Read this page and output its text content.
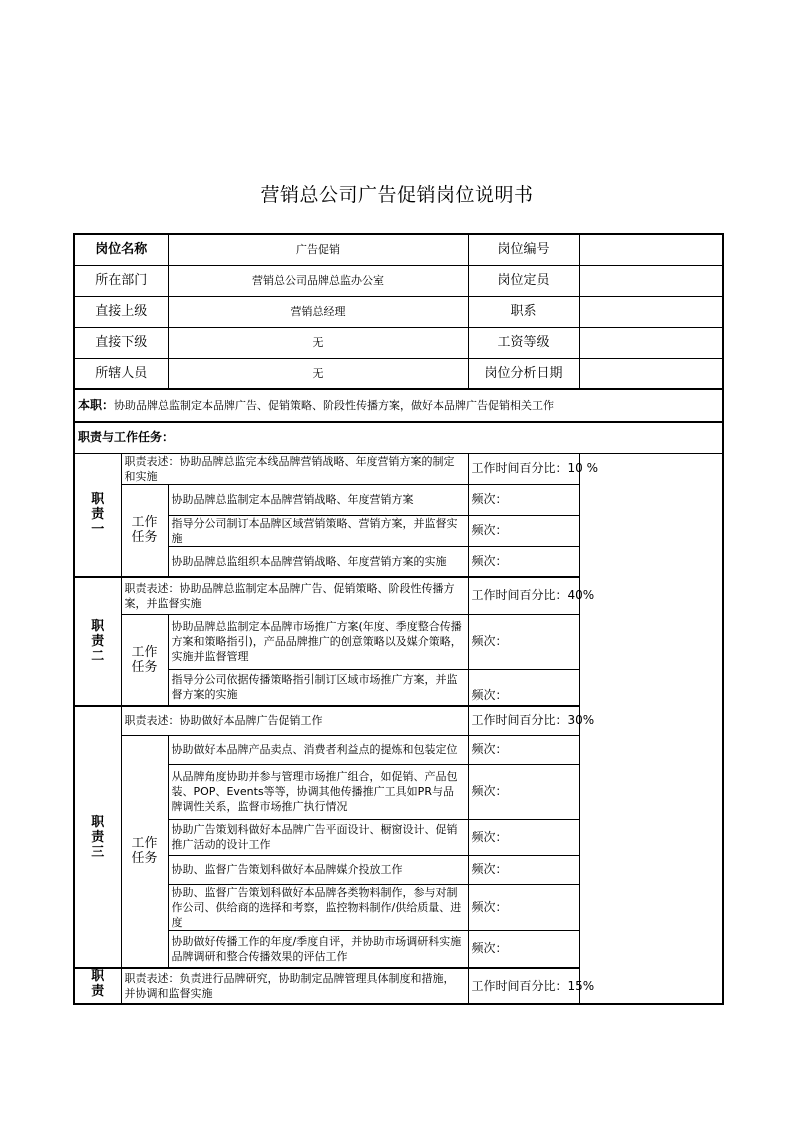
营销总公司广告促销岗位说明书
岗位名称		广告促销	岗位编号	
所在部门		营销总公司品牌总监办公室	岗位定员	
直接上级		营销总经理	职系	
直接下级		无	工资等级	
所辖人员		无	岗位分析日期	
本职：协助品牌总监制定本品牌广告、促销策略、阶段性传播方案，做好本品牌广告促销相关工作				
职责与工作任务：				

职
责
一	职责表述：协助品牌总监完本线品牌营销战略、年度营销方案的制定和实施		工作时间百分比：10 %	

	工作
任务	协助品牌总监制定本品牌营销战略、年度营销方案	频次：	
		指导分公司制订本品牌区域营销策略、营销方案，并监督实施	频次：	
		协助品牌总监组织本品牌营销战略、年度营销方案的实施	频次：	

职
责
二	职责表述：协助品牌总监制定本品牌广告、促销策略、阶段性传播方案，并监督实施		工作时间百分比：40%	

	工作
任务	协助品牌总监制定本品牌市场推广方案(年度、季度整合传播方案和策略指引)，产品品牌推广的创意策略以及媒介策略，实施并监督管理	频次：	
		指导分公司依据传播策略指引制订区域市场推广方案，并监督方案的实施	频次：	

职
责
三	职责表述：协助做好本品牌广告促销工作		工作时间百分比：30%	

	工作
任务	协助做好本品牌产品卖点、消费者利益点的提炼和包装定位	频次：	
		从品牌角度协助并参与管理市场推广组合，如促销、产品包装、POP、Events等等，协调其他传播推广工具如PR与品牌调性关系，监督市场推广执行情况	频次：	
		协助广告策划科做好本品牌广告平面设计、橱窗设计、促销推广活动的设计工作	频次：	
		协助、监督广告策划科做好本品牌媒介投放工作	频次：	
		协助、监督广告策划科做好本品牌各类物料制作，参与对制作公司、供给商的选择和考察，监控物料制作/供给质量、进度	频次：	
		协助做好传播工作的年度/季度自评，并协助市场调研科实施品牌调研和整合传播效果的评估工作	频次：	

职
责	职责表述：负责进行品牌研究，协助制定品牌管理具体制度和措施，并协调和监督实施		工作时间百分比：15%	
